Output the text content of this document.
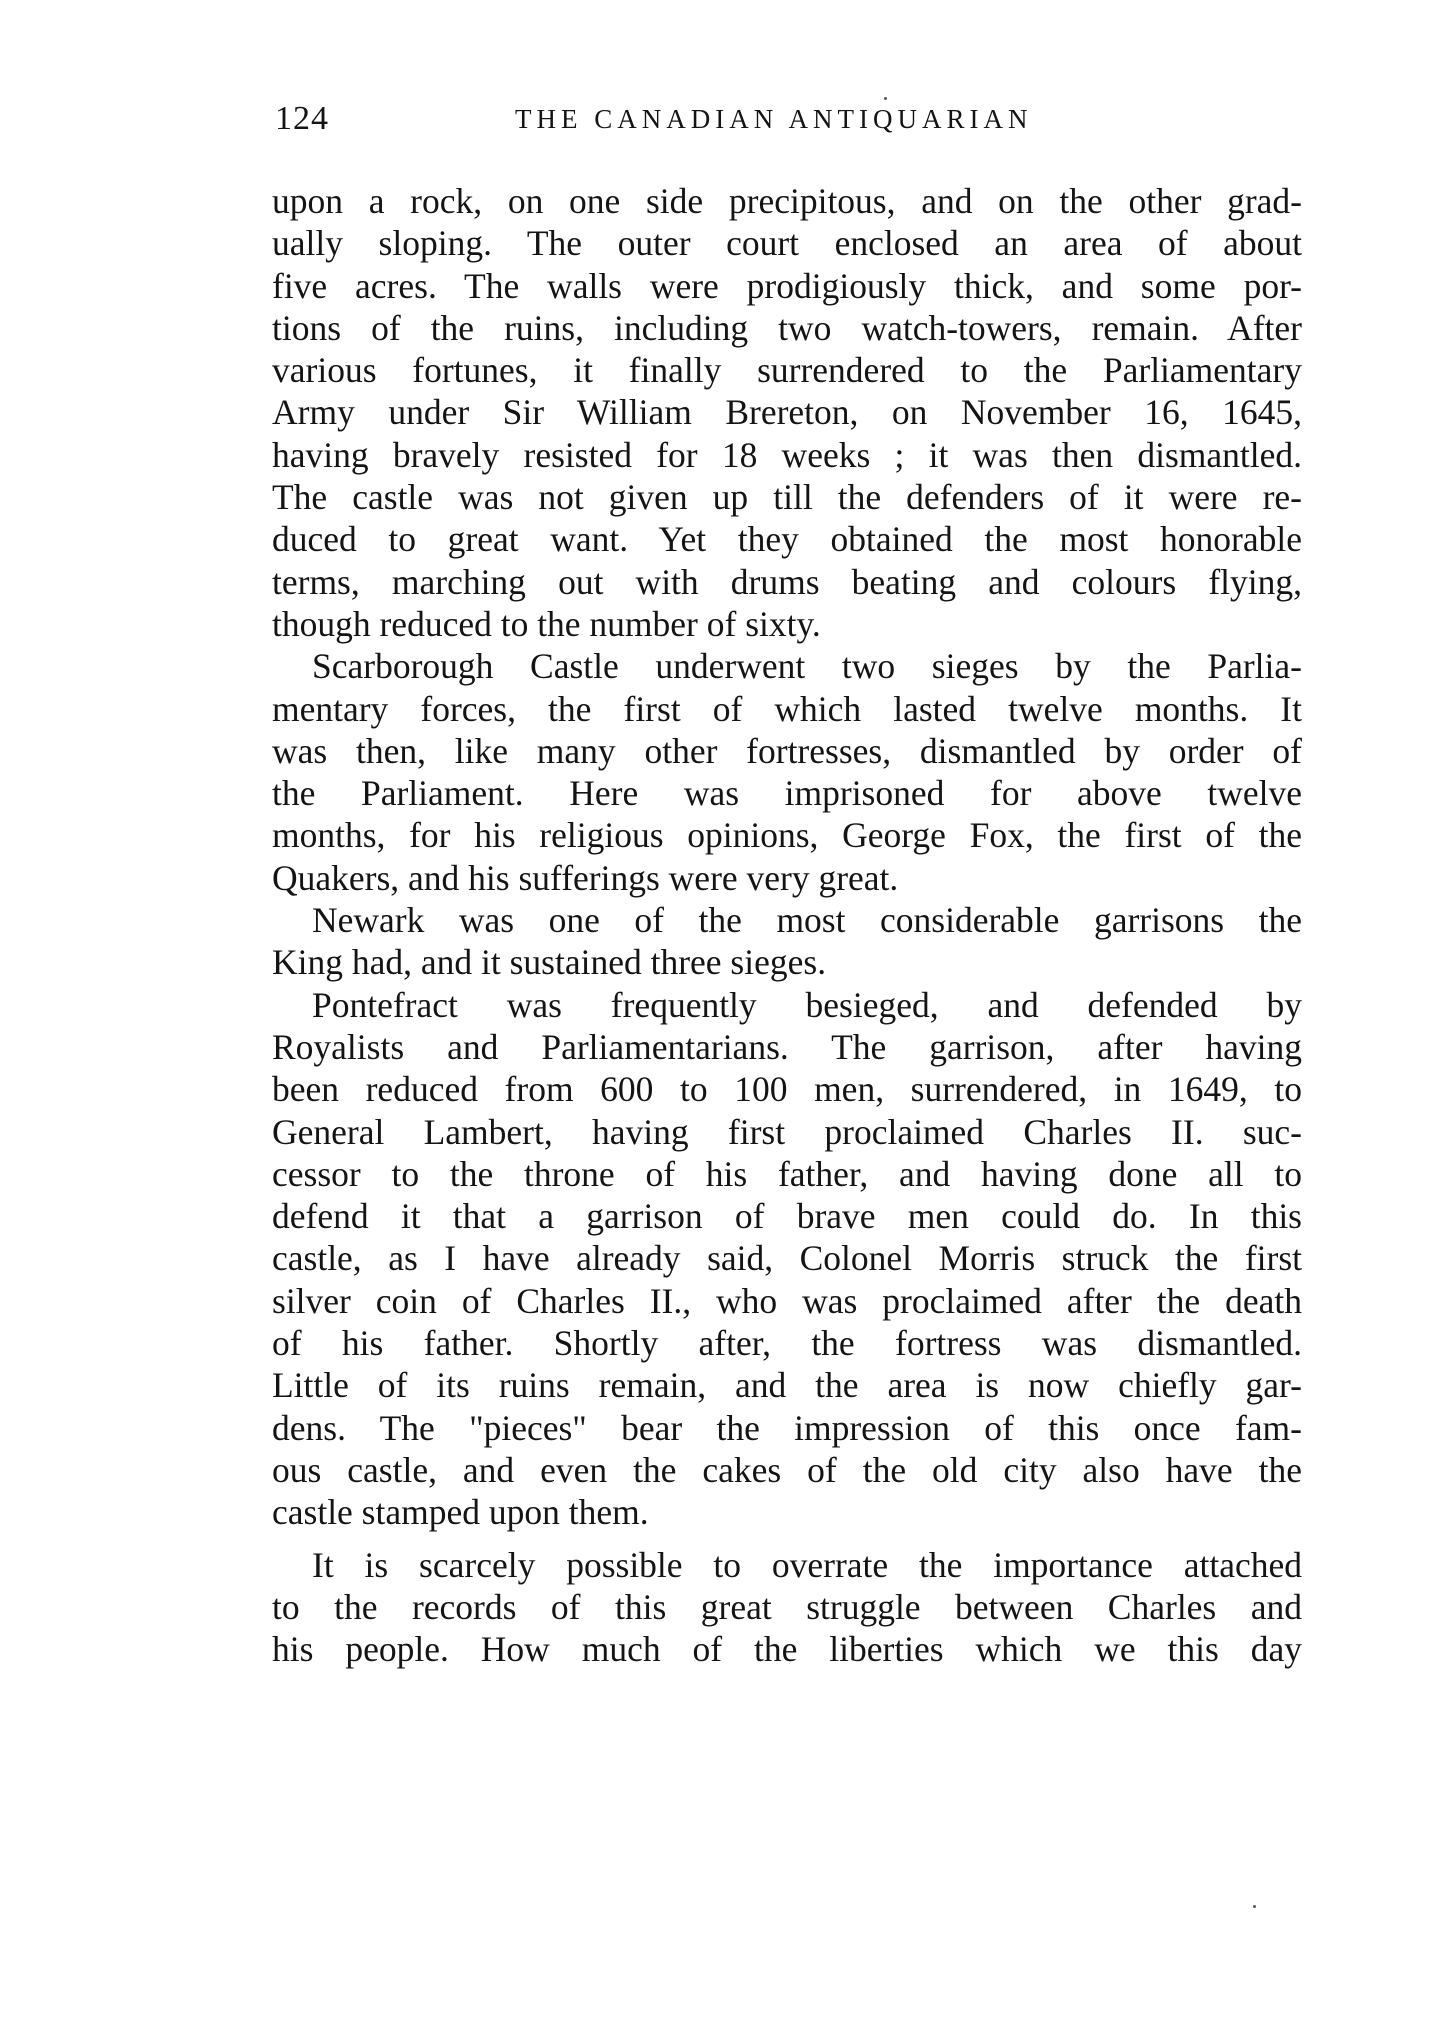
124	THE CANADIAN ANTIQUARIAN
upon a rock, on one side precipitous, and on the other grad-
ually sloping. The outer court enclosed an area of about
five acres. The walls were prodigiously thick, and some por-
tions of the ruins, including two watch-towers, remain. After
various fortunes, it finally surrendered to the Parliamentary
Army under Sir William Brereton, on November 16, 1645,
having bravely resisted for 18 weeks ; it was then dismantled.
The castle was not given up till the defenders of it were re-
duced to great want. Yet they obtained the most honorable
terms, marching out with drums beating and colours flying,
though reduced to the number of sixty.
Scarborough Castle underwent two sieges by the Parlia-
mentary forces, the first of which lasted twelve months. It
was then, like many other fortresses, dismantled by order of
the Parliament. Here was imprisoned for above twelve
months, for his religious opinions, George Fox, the first of the
Quakers, and his sufferings were very great.
Newark was one of the most considerable garrisons the
King had, and it sustained three sieges.
Pontefract was frequently besieged, and defended by
Royalists and Parliamentarians. The garrison, after having
been reduced from 600 to 100 men, surrendered, in 1649, to
General Lambert, having first proclaimed Charles II. suc-
cessor to the throne of his father, and having done all to
defend it that a garrison of brave men could do. In this
castle, as I have already said, Colonel Morris struck the first
silver coin of Charles II., who was proclaimed after the death
of his father. Shortly after, the fortress was dismantled.
Little of its ruins remain, and the area is now chiefly gar-
dens. The "pieces" bear the impression of this once fam-
ous castle, and even the cakes of the old city also have the
castle stamped upon them.
It is scarcely possible to overrate the importance attached
to the records of this great struggle between Charles and
his people. How much of the liberties which we this day
